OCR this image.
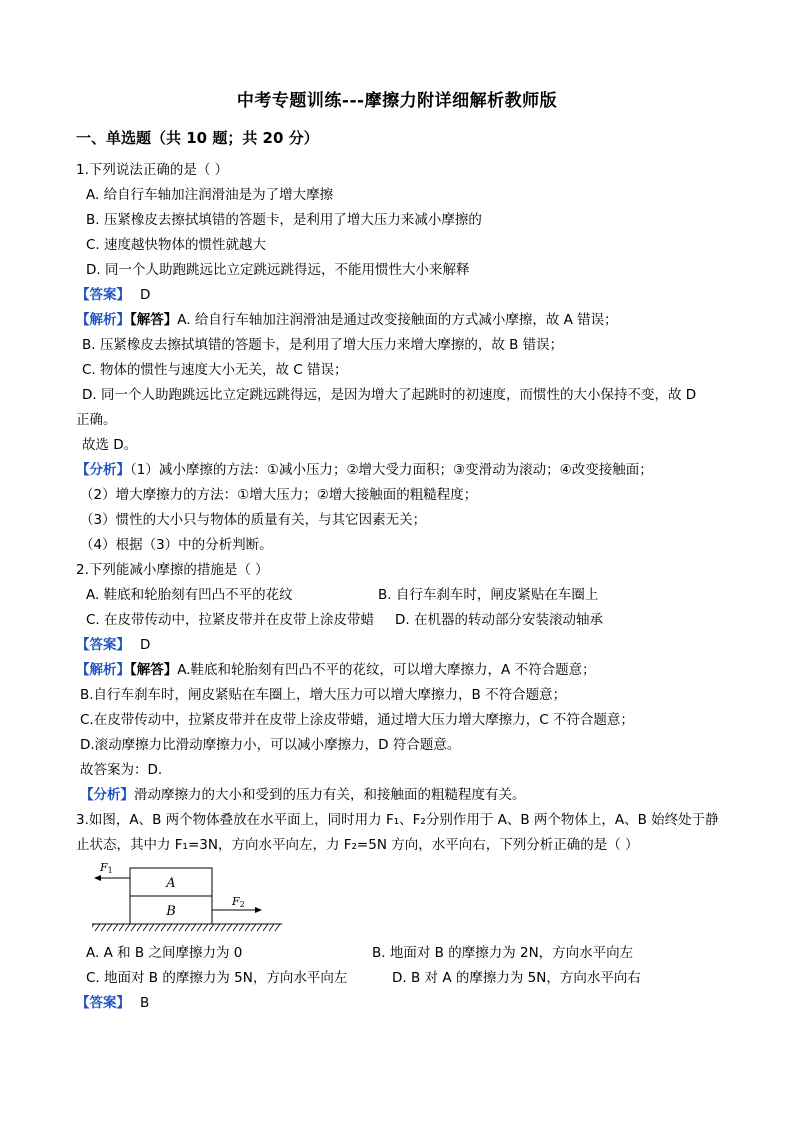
中考专题训练---摩擦力附详细解析教师版
一、单选题（共 10 题；共 20 分）
1.下列说法正确的是（ ）
A. 给自行车轴加注润滑油是为了增大摩擦
B. 压紧橡皮去擦拭填错的答题卡，是利用了增大压力来减小摩擦的
C. 速度越快物体的惯性就越大
D. 同一个人助跑跳远比立定跳远跳得远，不能用惯性大小来解释
【答案】 D
【解析】【解答】A. 给自行车轴加注润滑油是通过改变接触面的方式减小摩擦，故 A 错误；
B. 压紧橡皮去擦拭填错的答题卡，是利用了增大压力来增大摩擦的，故 B 错误；
C. 物体的惯性与速度大小无关，故 C 错误；
D. 同一个人助跑跳远比立定跳远跳得远，是因为增大了起跳时的初速度，而惯性的大小保持不变，故 D
正确。
故选 D。
【分析】（1）减小摩擦的方法：①减小压力；②增大受力面积；③变滑动为滚动；④改变接触面；
（2）增大摩擦力的方法：①增大压力；②增大接触面的粗糙程度；
（3）惯性的大小只与物体的质量有关，与其它因素无关；
（4）根据（3）中的分析判断。
2.下列能减小摩擦的措施是（ ）
A. 鞋底和轮胎刻有凹凸不平的花纹	B. 自行车刹车时，闸皮紧贴在车圈上
C. 在皮带传动中，拉紧皮带并在皮带上涂皮带蜡 D. 在机器的转动部分安装滚动轴承
【答案】 D
【解析】【解答】A.鞋底和轮胎刻有凹凸不平的花纹，可以增大摩擦力，A 不符合题意；
B.自行车刹车时，闸皮紧贴在车圈上，增大压力可以增大摩擦力，B 不符合题意；
C.在皮带传动中，拉紧皮带并在皮带上涂皮带蜡，通过增大压力增大摩擦力，C 不符合题意；
D.滚动摩擦力比滑动摩擦力小，可以减小摩擦力，D 符合题意。
故答案为：D.
【分析】滑动摩擦力的大小和受到的压力有关，和接触面的粗糙程度有关。
3.如图，A、B 两个物体叠放在水平面上，同时用力 F₁、F₂分别作用于 A、B 两个物体上，A、B 始终处于静
止状态，其中力 F₁=3N，方向水平向左，力 F₂=5N 方向，水平向右，下列分析正确的是（ ）
A
B
F1
F2
A. A 和 B 之间摩擦力为 0	B. 地面对 B 的摩擦力为 2N，方向水平向左
C. 地面对 B 的摩擦力为 5N，方向水平向左	D. B 对 A 的摩擦力为 5N，方向水平向右
【答案】 B
